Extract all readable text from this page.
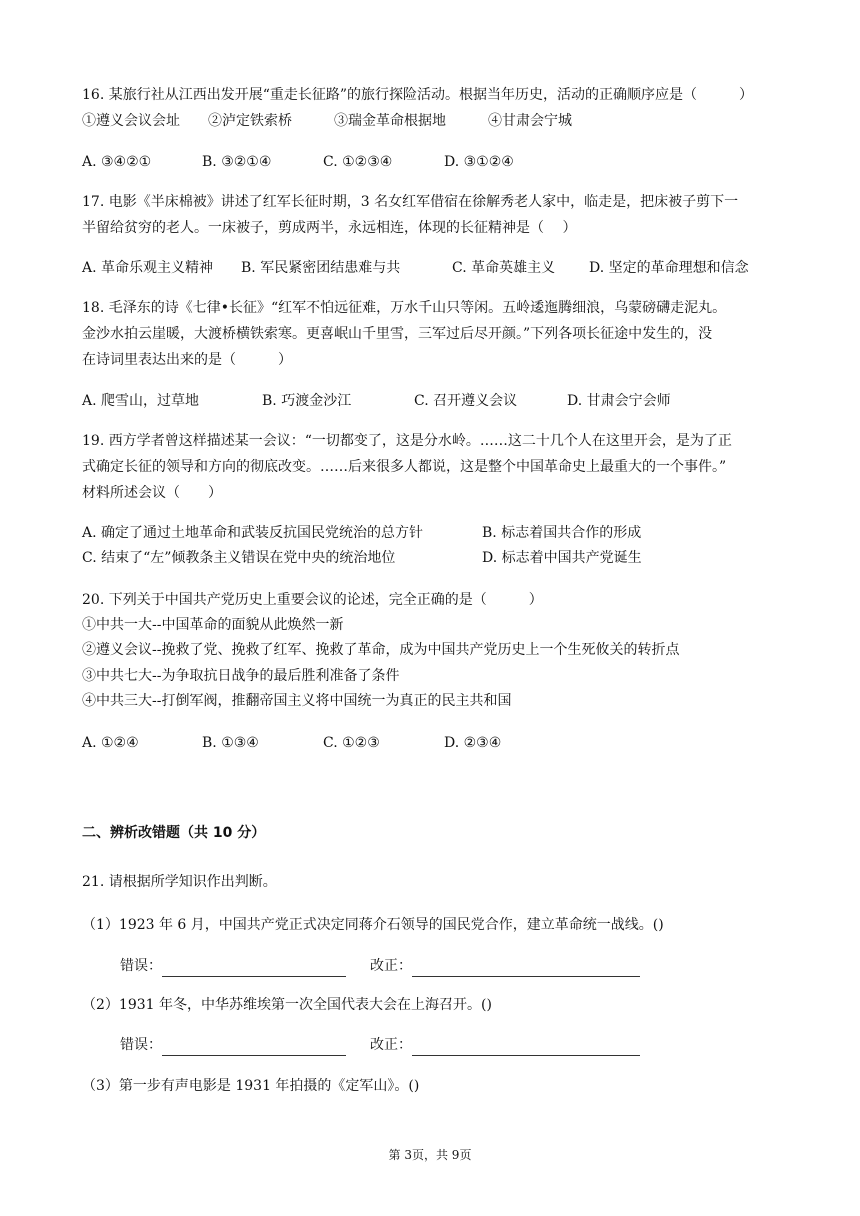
16. 某旅行社从江西出发开展“重走长征路”的旅行探险活动。根据当年历史，活动的正确顺序应是（　　　）
①遵义会议会址　　②泸定铁索桥　　　③瑞金革命根据地　　　④甘肃会宁城
A. ③④②①	B. ③②①④	C. ①②③④	D. ③①②④
17. 电影《半床棉被》讲述了红军长征时期，3 名女红军借宿在徐解秀老人家中，临走是，把床被子剪下一
半留给贫穷的老人。一床被子，剪成两半，永远相连，体现的长征精神是（　 ）
A. 革命乐观主义精神 B. 军民紧密团结患难与共	C. 革命英雄主义 D. 坚定的革命理想和信念
18. 毛泽东的诗《七律•长征》“红军不怕远征难，万水千山只等闲。五岭逶迤腾细浪，乌蒙磅礴走泥丸。
金沙水拍云崖暖，大渡桥横铁索寒。更喜岷山千里雪，三军过后尽开颜。”下列各项长征途中发生的，没
在诗词里表达出来的是（　　　）
A. 爬雪山，过草地	B. 巧渡金沙江	C. 召开遵义会议	D. 甘肃会宁会师
19. 西方学者曾这样描述某一会议：“一切都变了，这是分水岭。……这二十几个人在这里开会，是为了正
式确定长征的领导和方向的彻底改变。……后来很多人都说，这是整个中国革命史上最重大的一个事件。”
材料所述会议（　　）
A. 确定了通过土地革命和武装反抗国民党统治的总方针	B. 标志着国共合作的形成
C. 结束了“左”倾教条主义错误在党中央的统治地位	D. 标志着中国共产党诞生
20. 下列关于中国共产党历史上重要会议的论述，完全正确的是（　　　）
①中共一大--中国革命的面貌从此焕然一新
②遵义会议--挽救了党、挽救了红军、挽救了革命，成为中国共产党历史上一个生死攸关的转折点
③中共七大--为争取抗日战争的最后胜利准备了条件
④中共三大--打倒军阀，推翻帝国主义将中国统一为真正的民主共和国
A. ①②④	B. ①③④	C. ①②③	D. ②③④
二、辨析改错题（共 10 分）
21. 请根据所学知识作出判断。
（1）1923 年 6 月，中国共产党正式决定同蒋介石领导的国民党合作，建立革命统一战线。()
错误：	改正：
（2）1931 年冬，中华苏维埃第一次全国代表大会在上海召开。()
错误：	改正：
（3）第一步有声电影是 1931 年拍摄的《定军山》。()
第 3页，共 9页
